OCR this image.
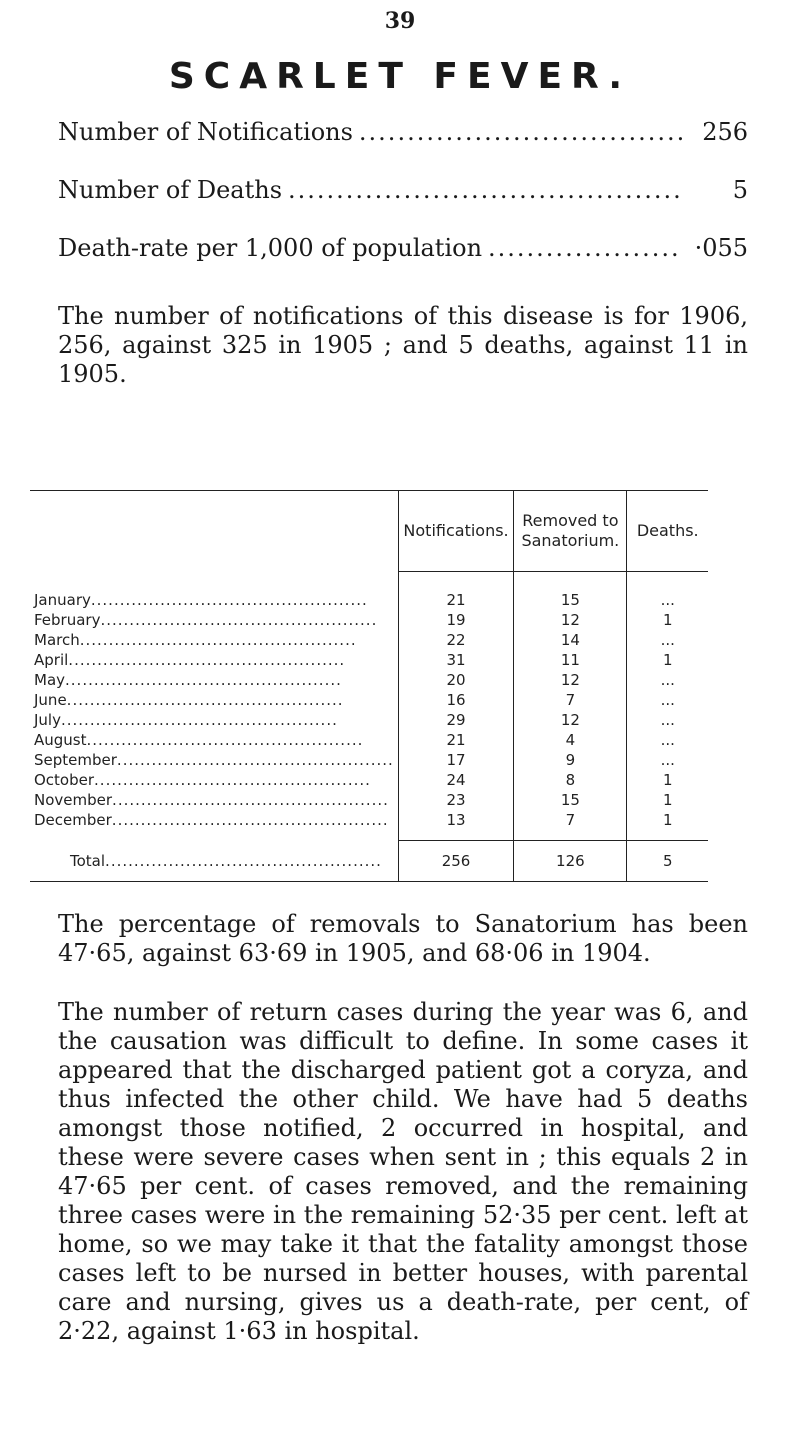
39
SCARLET FEVER.
Number of Notifications .....	256
Number of Deaths .....	5
Death-rate per 1,000 of population .....	·055

The number of notifications of this disease is for 1906, 256, against 325 in 1905 ; and 5 deaths, against 11 in 1905.

	Notifications.	Removed to Sanatorium.	Deaths.
January .....	21	15	...
February .....	19	12	1
March .....	22	14	...
April .....	31	11	1
May .....	20	12	...
June .....	16	7	...
July .....	29	12	...
August .....	21	4	...
September .....	17	9	...
October .....	24	8	1
November .....	23	15	1
December .....	13	7	1

Total .....	256	126	5

The percentage of removals to Sanatorium has been 47·65, against 63·69 in 1905, and 68·06 in 1904.

The number of return cases during the year was 6, and the causation was difficult to define. In some cases it appeared that the discharged patient got a coryza, and thus infected the other child. We have had 5 deaths amongst those notified, 2 occurred in hospital, and these were severe cases when sent in ; this equals 2 in 47·65 per cent. of cases removed, and the remaining three cases were in the remaining 52·35 per cent. left at home, so we may take it that the fatality amongst those cases left to be nursed in better houses, with parental care and nursing, gives us a death-rate, per cent, of 2·22, against 1·63 in hospital.
